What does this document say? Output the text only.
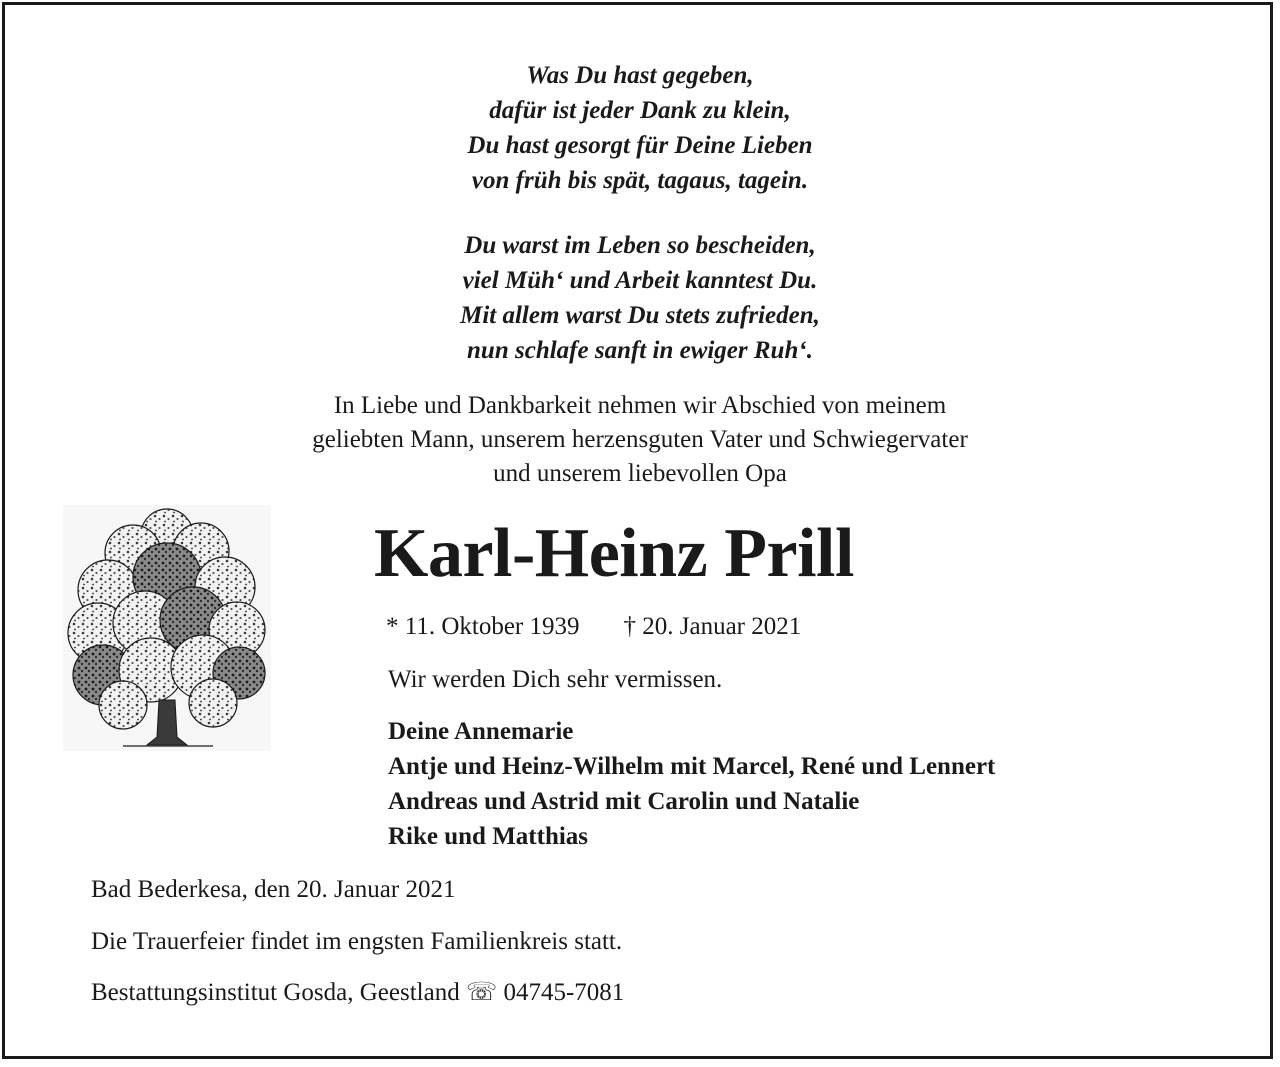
Was Du hast gegeben,
dafür ist jeder Dank zu klein,
Du hast gesorgt für Deine Lieben
von früh bis spät, tagaus, tagein.
Du warst im Leben so bescheiden,
viel Müh‘ und Arbeit kanntest Du.
Mit allem warst Du stets zufrieden,
nun schlafe sanft in ewiger Ruh‘.
In Liebe und Dankbarkeit nehmen wir Abschied von meinem
geliebten Mann, unserem herzensguten Vater und Schwiegervater
und unserem liebevollen Opa
Karl-Heinz Prill
* 11. Oktober 1939 † 20. Januar 2021
Wir werden Dich sehr vermissen.
Deine Annemarie
Antje und Heinz-Wilhelm mit Marcel, René und Lennert
Andreas und Astrid mit Carolin und Natalie
Rike und Matthias
Bad Bederkesa, den 20. Januar 2021
Die Trauerfeier findet im engsten Familienkreis statt.
Bestattungsinstitut Gosda, Geestland ☏ 04745-7081
